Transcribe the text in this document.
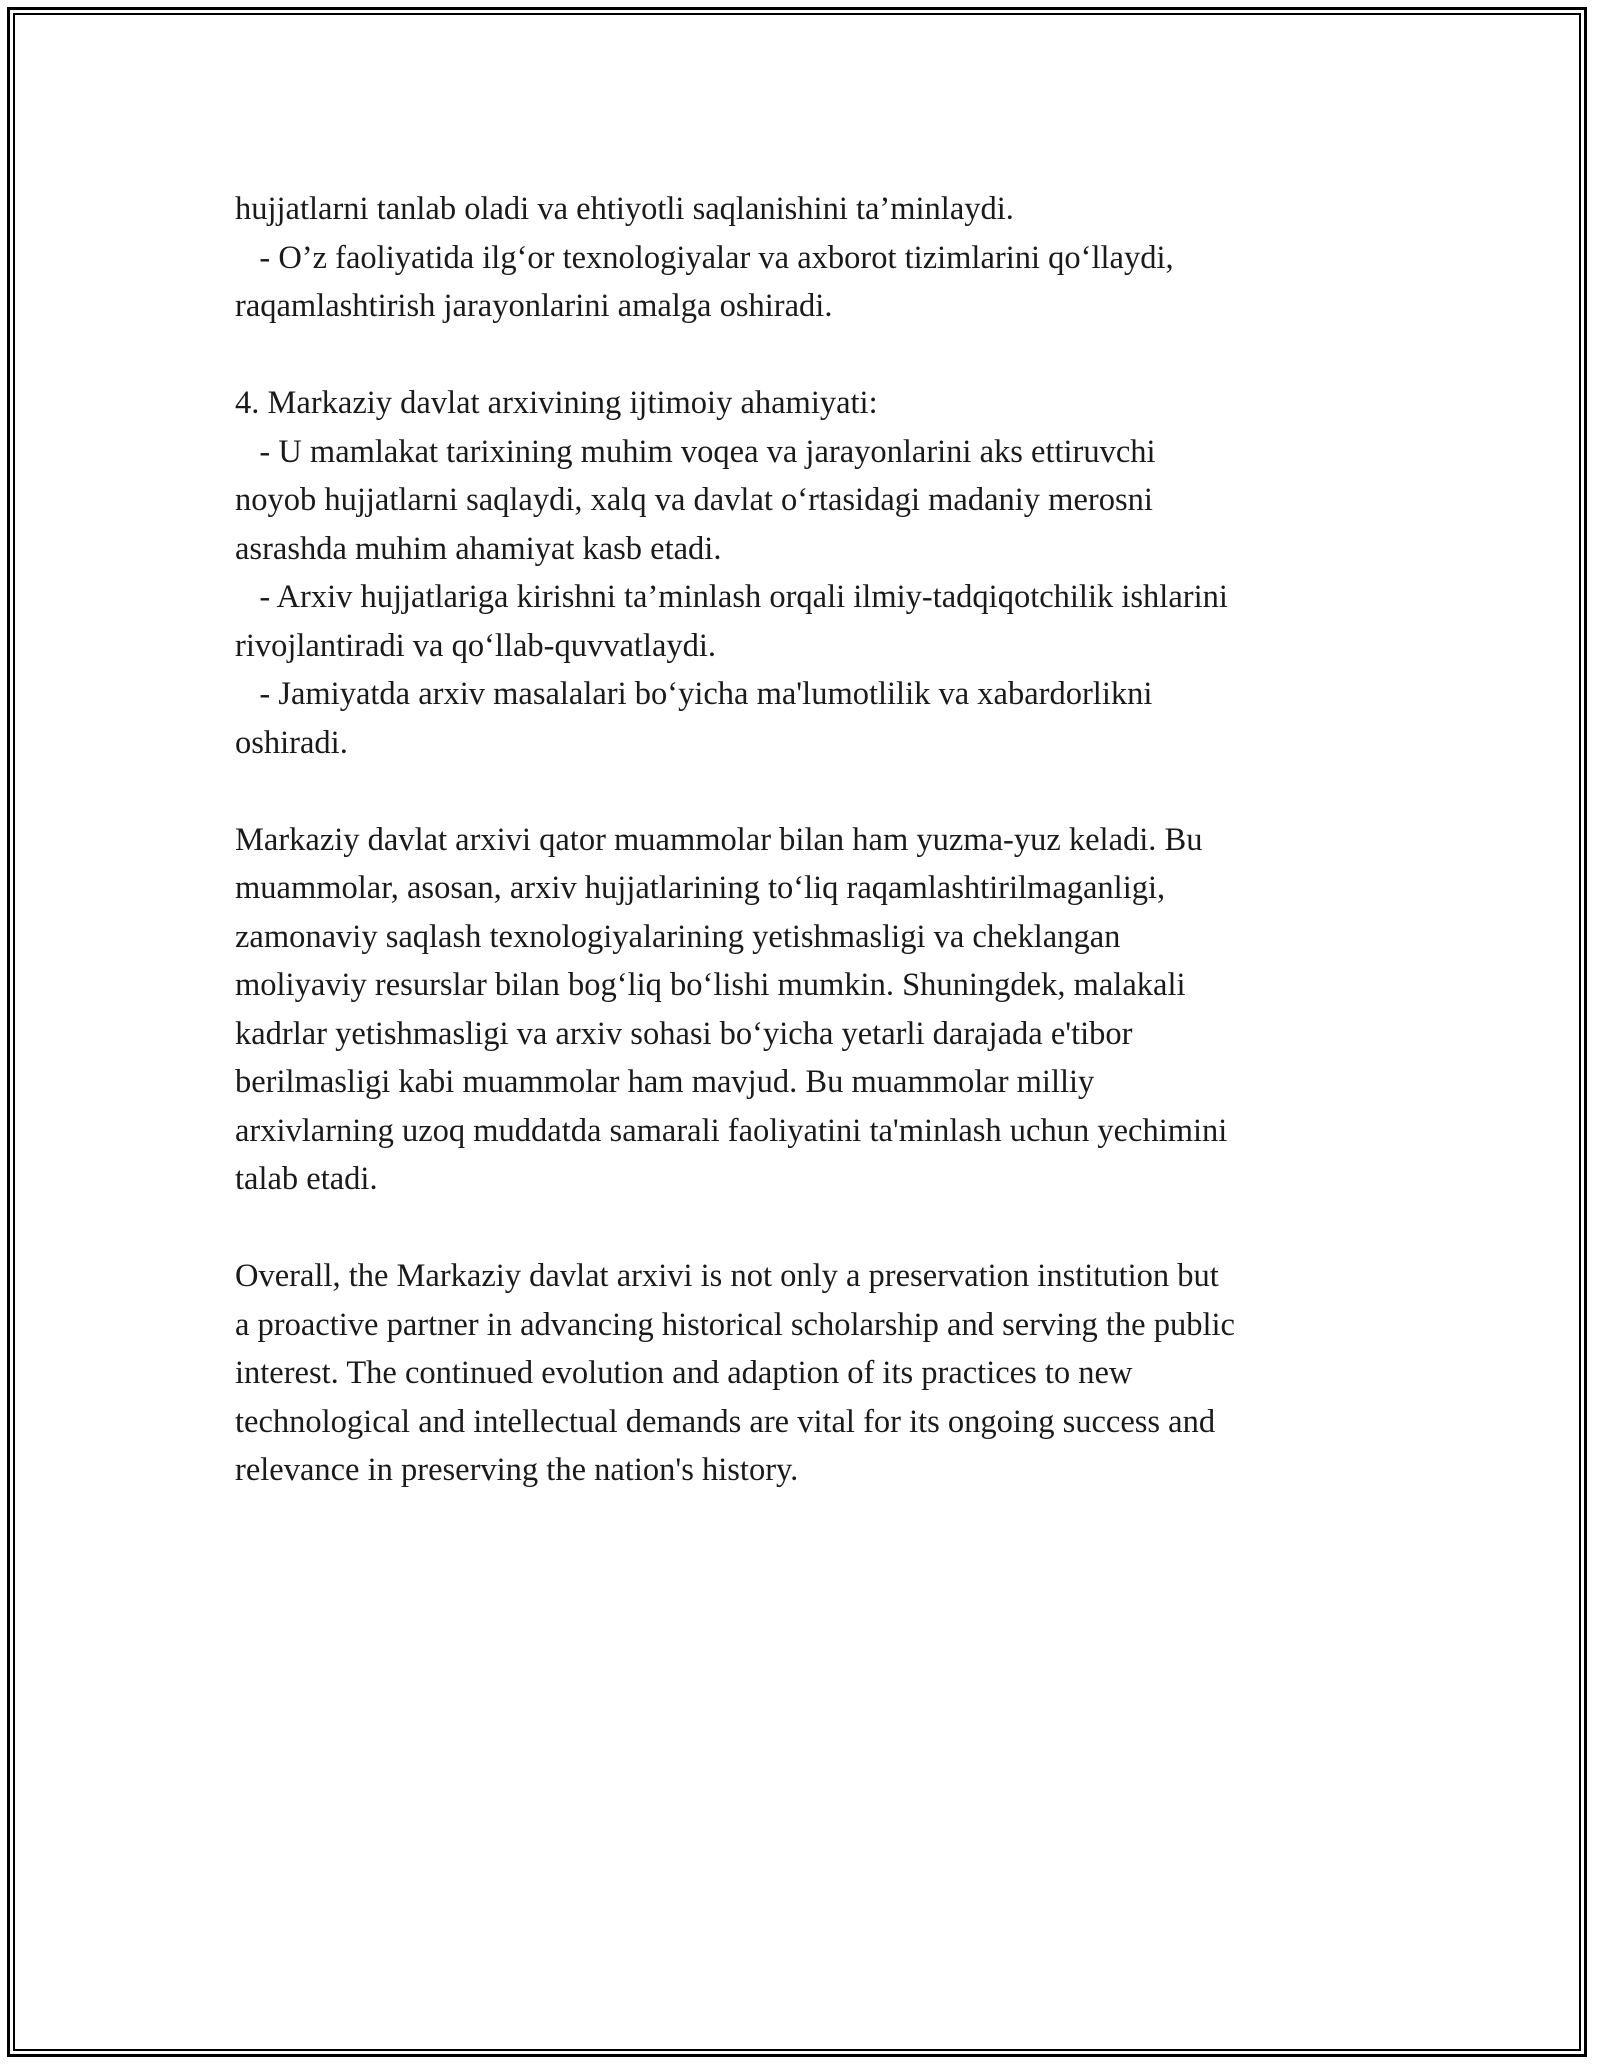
hujjatlarni tanlab oladi va ehtiyotli saqlanishini ta’minlaydi.
- O’z faoliyatida ilg‘or texnologiyalar va axborot tizimlarini qo‘llaydi,
raqamlashtirish jarayonlarini amalga oshiradi.
4. Markaziy davlat arxivining ijtimoiy ahamiyati:
- U mamlakat tarixining muhim voqea va jarayonlarini aks ettiruvchi
noyob hujjatlarni saqlaydi, xalq va davlat o‘rtasidagi madaniy merosni
asrashda muhim ahamiyat kasb etadi.
- Arxiv hujjatlariga kirishni ta’minlash orqali ilmiy-tadqiqotchilik ishlarini
rivojlantiradi va qo‘llab-quvvatlaydi.
- Jamiyatda arxiv masalalari bo‘yicha ma'lumotlilik va xabardorlikni
oshiradi.
Markaziy davlat arxivi qator muammolar bilan ham yuzma-yuz keladi. Bu
muammolar, asosan, arxiv hujjatlarining to‘liq raqamlashtirilmaganligi,
zamonaviy saqlash texnologiyalarining yetishmasligi va cheklangan
moliyaviy resurslar bilan bog‘liq bo‘lishi mumkin. Shuningdek, malakali
kadrlar yetishmasligi va arxiv sohasi bo‘yicha yetarli darajada e'tibor
berilmasligi kabi muammolar ham mavjud. Bu muammolar milliy
arxivlarning uzoq muddatda samarali faoliyatini ta'minlash uchun yechimini
talab etadi.
Overall, the Markaziy davlat arxivi is not only a preservation institution but
a proactive partner in advancing historical scholarship and serving the public
interest. The continued evolution and adaption of its practices to new
technological and intellectual demands are vital for its ongoing success and
relevance in preserving the nation's history.
